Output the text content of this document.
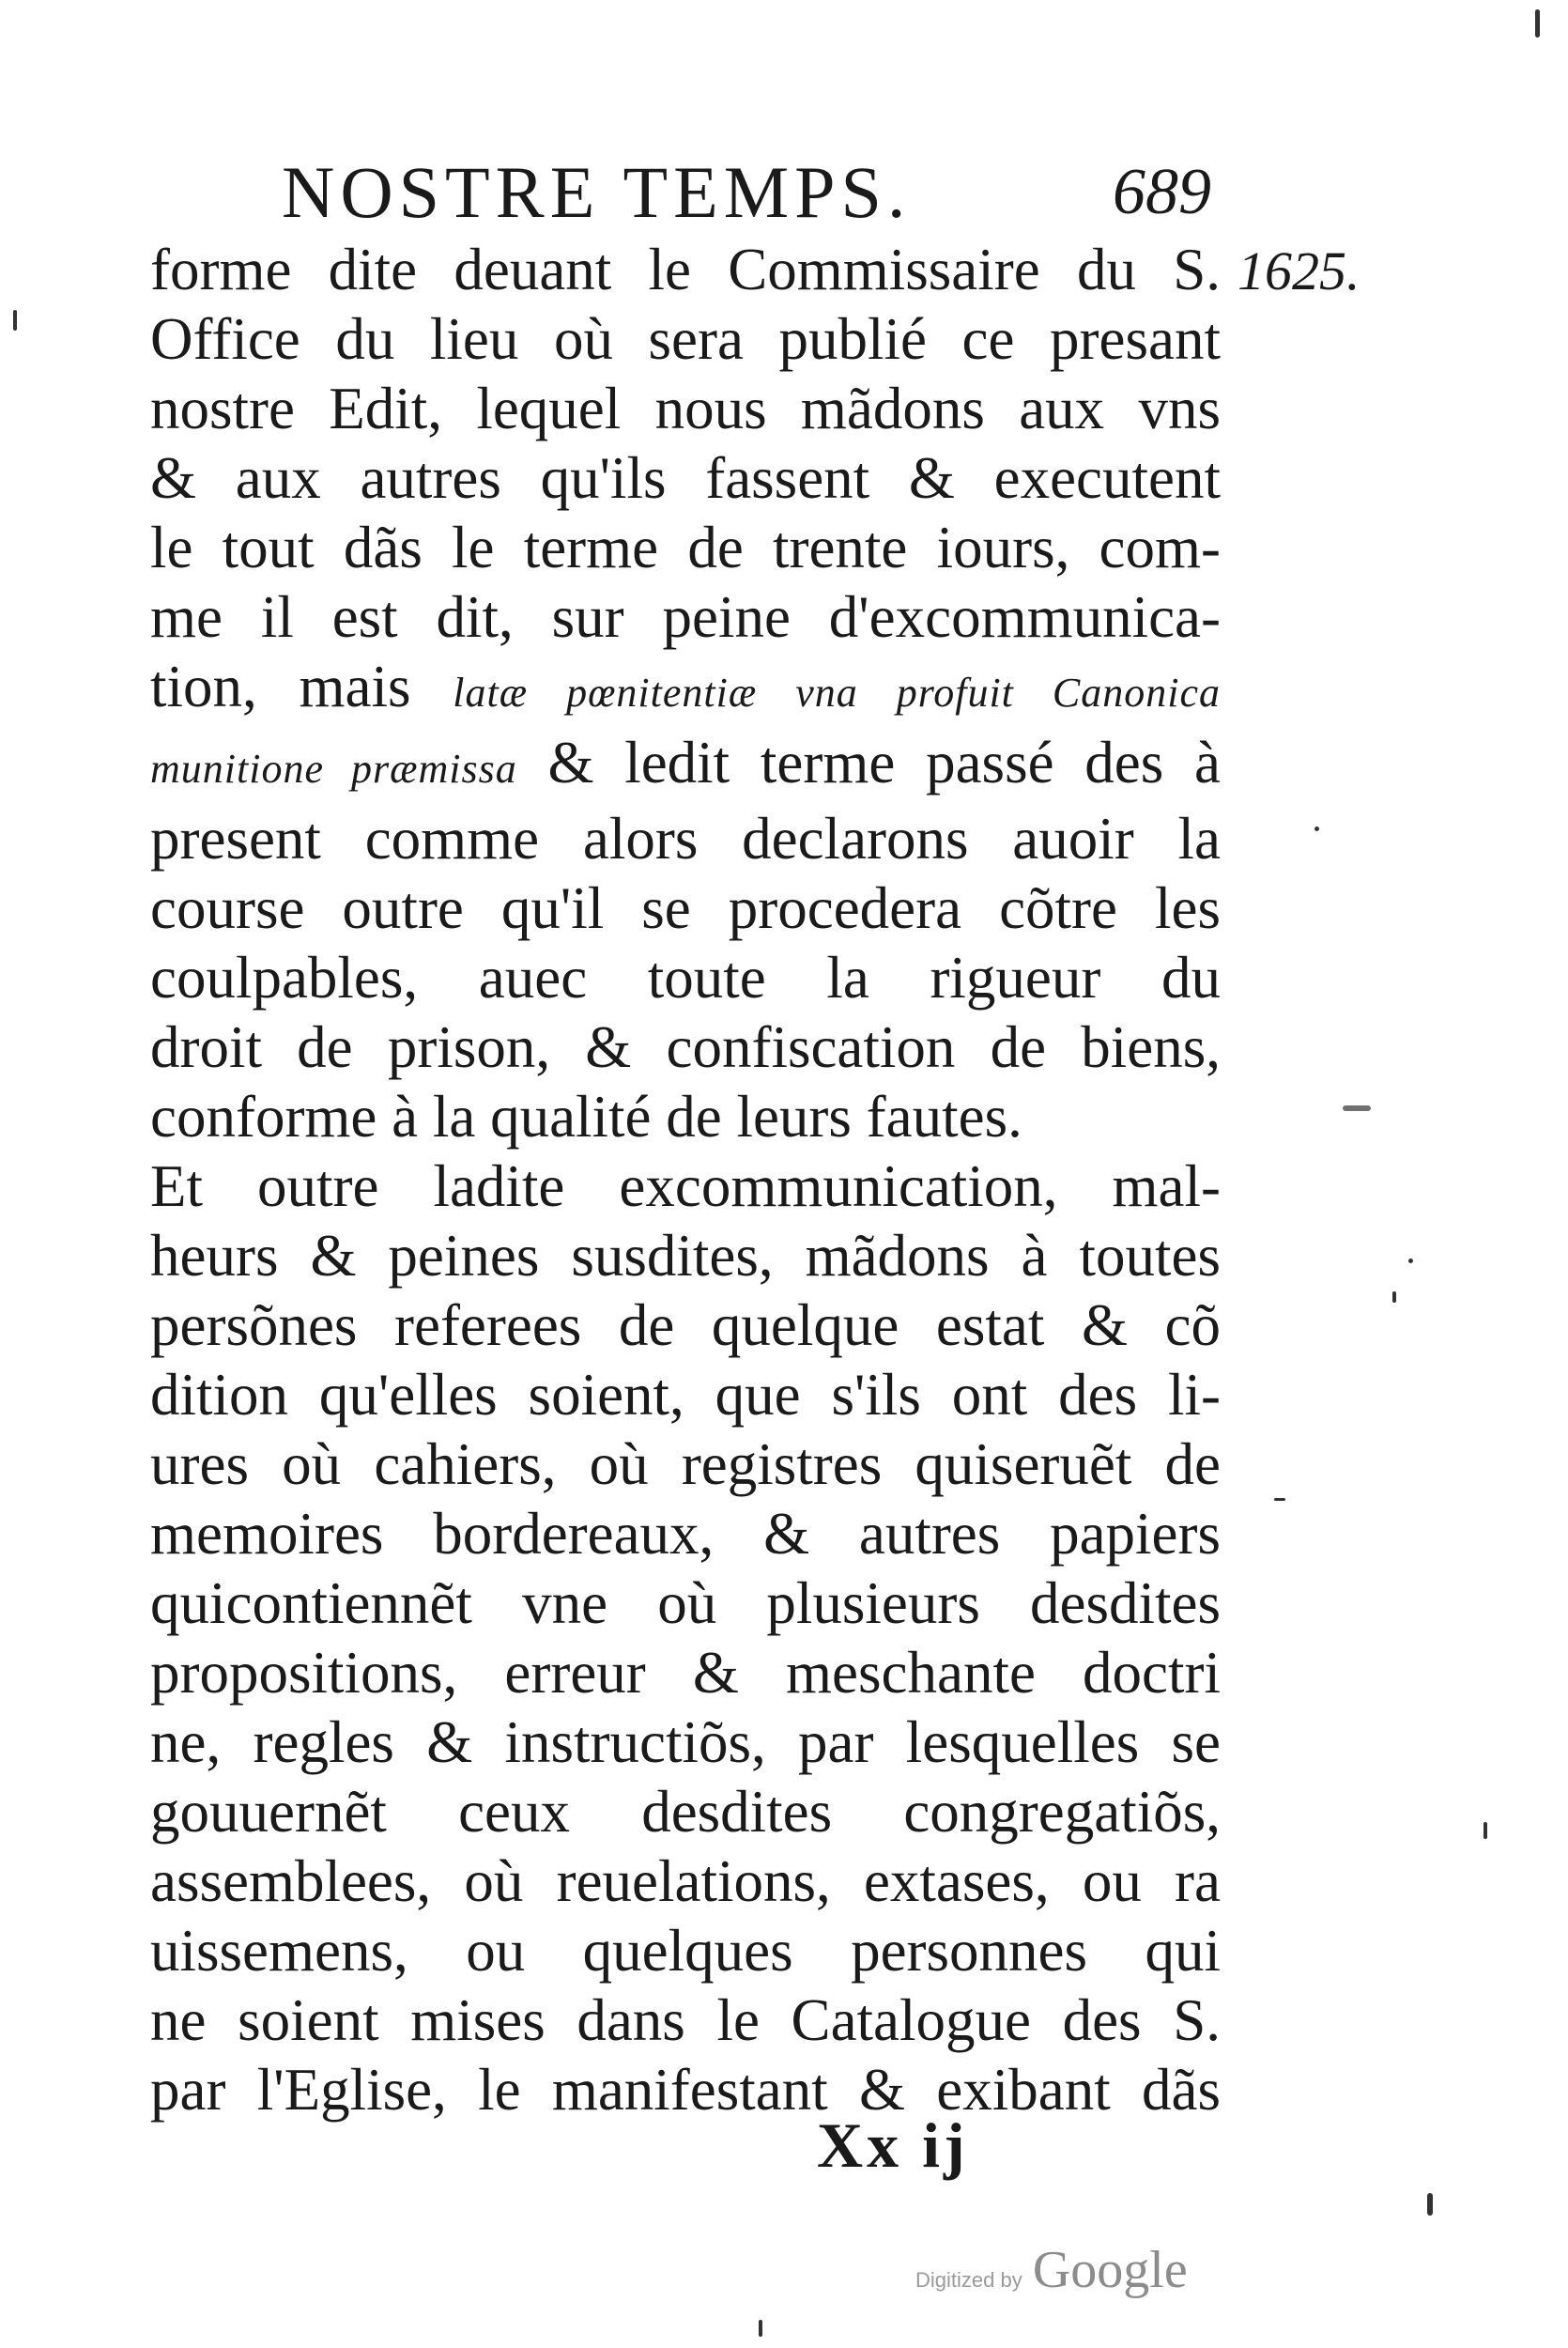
NOSTRE TEMPS.	689
1625.
forme dite deuant le Commissaire du S.
Office du lieu où sera publié ce presant
nostre Edit, lequel nous mãdons aux vns
& aux autres qu'ils fassent & executent
le tout dãs le terme de trente iours, com-
me il est dit, sur peine d'excommunica-
tion, mais latæ pœnitentiæ vna profuit Canonica
munitione præmissa & ledit terme passé des à
present comme alors declarons auoir la
course outre qu'il se procedera cõtre les
coulpables, auec toute la rigueur du
droit de prison, & confiscation de biens,
conforme à la qualité de leurs fautes.
Et outre ladite excommunication, mal-
heurs & peines susdites, mãdons à toutes
persõnes referees de quelque estat & cõ
dition qu'elles soient, que s'ils ont des li-
ures où cahiers, où registres quiseruẽt de
memoires bordereaux, & autres papiers
quicontiennẽt vne où plusieurs desdites
propositions, erreur & meschante doctri
ne, regles & instructiõs, par lesquelles se
gouuernẽt ceux desdites congregatiõs,
assemblees, où reuelations, extases, ou ra
uissemens, ou quelques personnes qui
ne soient mises dans le Catalogue des S.
par l'Eglise, le manifestant & exibant dãs
Xx ij
Digitized by Google
